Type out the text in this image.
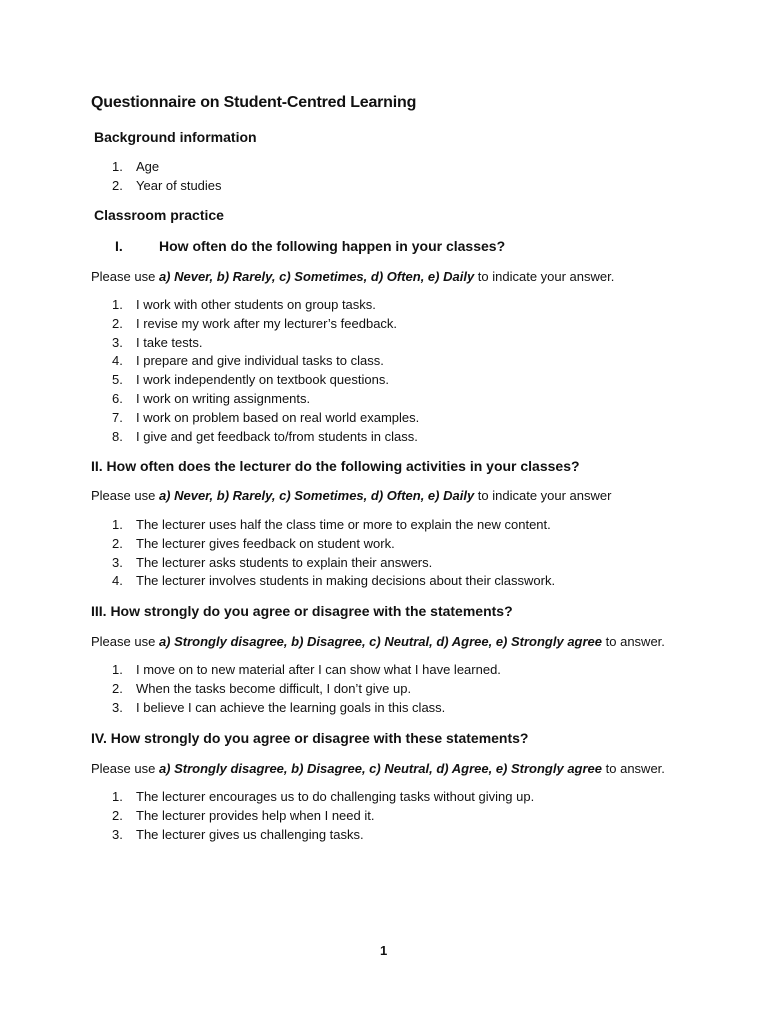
Questionnaire on Student-Centred Learning
Background information
1. Age
2. Year of studies
Classroom practice
I.	How often do the following happen in your classes?
Please use a) Never, b) Rarely, c) Sometimes, d) Often, e) Daily to indicate your answer.
1. I work with other students on group tasks.
2. I revise my work after my lecturer’s feedback.
3. I take tests.
4. I prepare and give individual tasks to class.
5. I work independently on textbook questions.
6. I work on writing assignments.
7. I work on problem based on real world examples.
8. I give and get feedback to/from students in class.
II. How often does the lecturer do the following activities in your classes?
Please use a) Never, b) Rarely, c) Sometimes, d) Often, e) Daily to indicate your answer
1. The lecturer uses half the class time or more to explain the new content.
2. The lecturer gives feedback on student work.
3. The lecturer asks students to explain their answers.
4. The lecturer involves students in making decisions about their classwork.
III. How strongly do you agree or disagree with the statements?
Please use a) Strongly disagree, b) Disagree, c) Neutral, d) Agree, e) Strongly agree to answer.
1. I move on to new material after I can show what I have learned.
2. When the tasks become difficult, I don’t give up.
3. I believe I can achieve the learning goals in this class.
IV. How strongly do you agree or disagree with these statements?
Please use a) Strongly disagree, b) Disagree, c) Neutral, d) Agree, e) Strongly agree to answer.
1. The lecturer encourages us to do challenging tasks without giving up.
2. The lecturer provides help when I need it.
3. The lecturer gives us challenging tasks.
1
